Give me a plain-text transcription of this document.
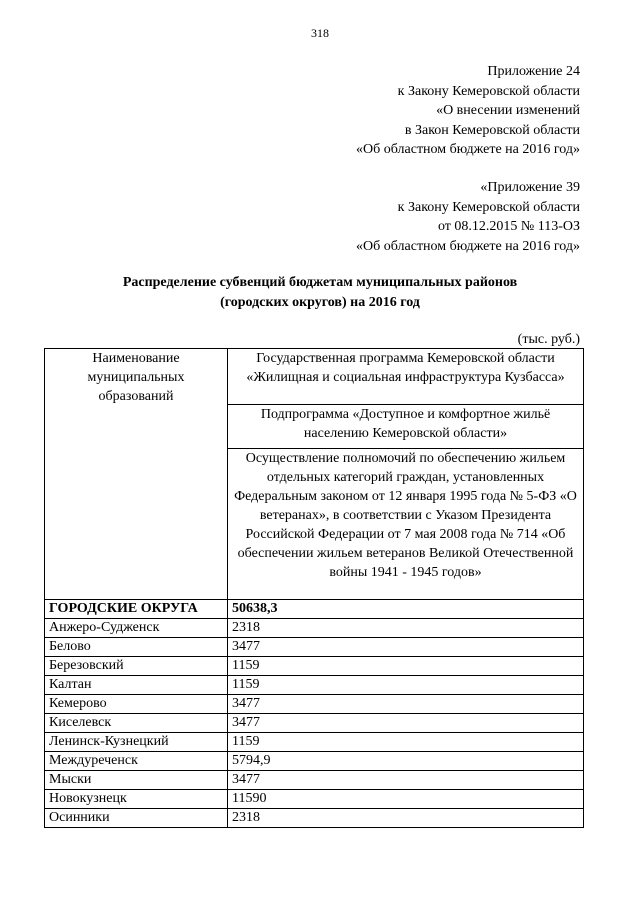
318
Приложение 24
к Закону Кемеровской области
«О внесении изменений
в Закон Кемеровской области
«Об областном бюджете на 2016 год»
«Приложение 39
к Закону Кемеровской области
от 08.12.2015 № 113-ОЗ
«Об областном бюджете на 2016 год»
Распределение субвенций бюджетам муниципальных районов
(городских округов) на 2016 год
(тыс. руб.)
Наименование муниципальных образований	Государственная программа Кемеровской области «Жилищная и социальная инфраструктура Кузбасса»
	Подпрограмма «Доступное и комфортное жильё населению Кемеровской области»
	Осуществление полномочий по обеспечению жильем отдельных категорий граждан, установленных Федеральным законом от 12 января 1995 года № 5-ФЗ «О ветеранах», в соответствии с Указом Президента Российской Федерации от 7 мая 2008 года № 714 «Об обеспечении жильем ветеранов Великой Отечественной войны 1941 - 1945 годов»
ГОРОДСКИЕ ОКРУГА	50638,3
Анжеро-Судженск	2318
Белово	3477
Березовский	1159
Калтан	1159
Кемерово	3477
Киселевск	3477
Ленинск-Кузнецкий	1159
Междуреченск	5794,9
Мыски	3477
Новокузнецк	11590
Осинники	2318
